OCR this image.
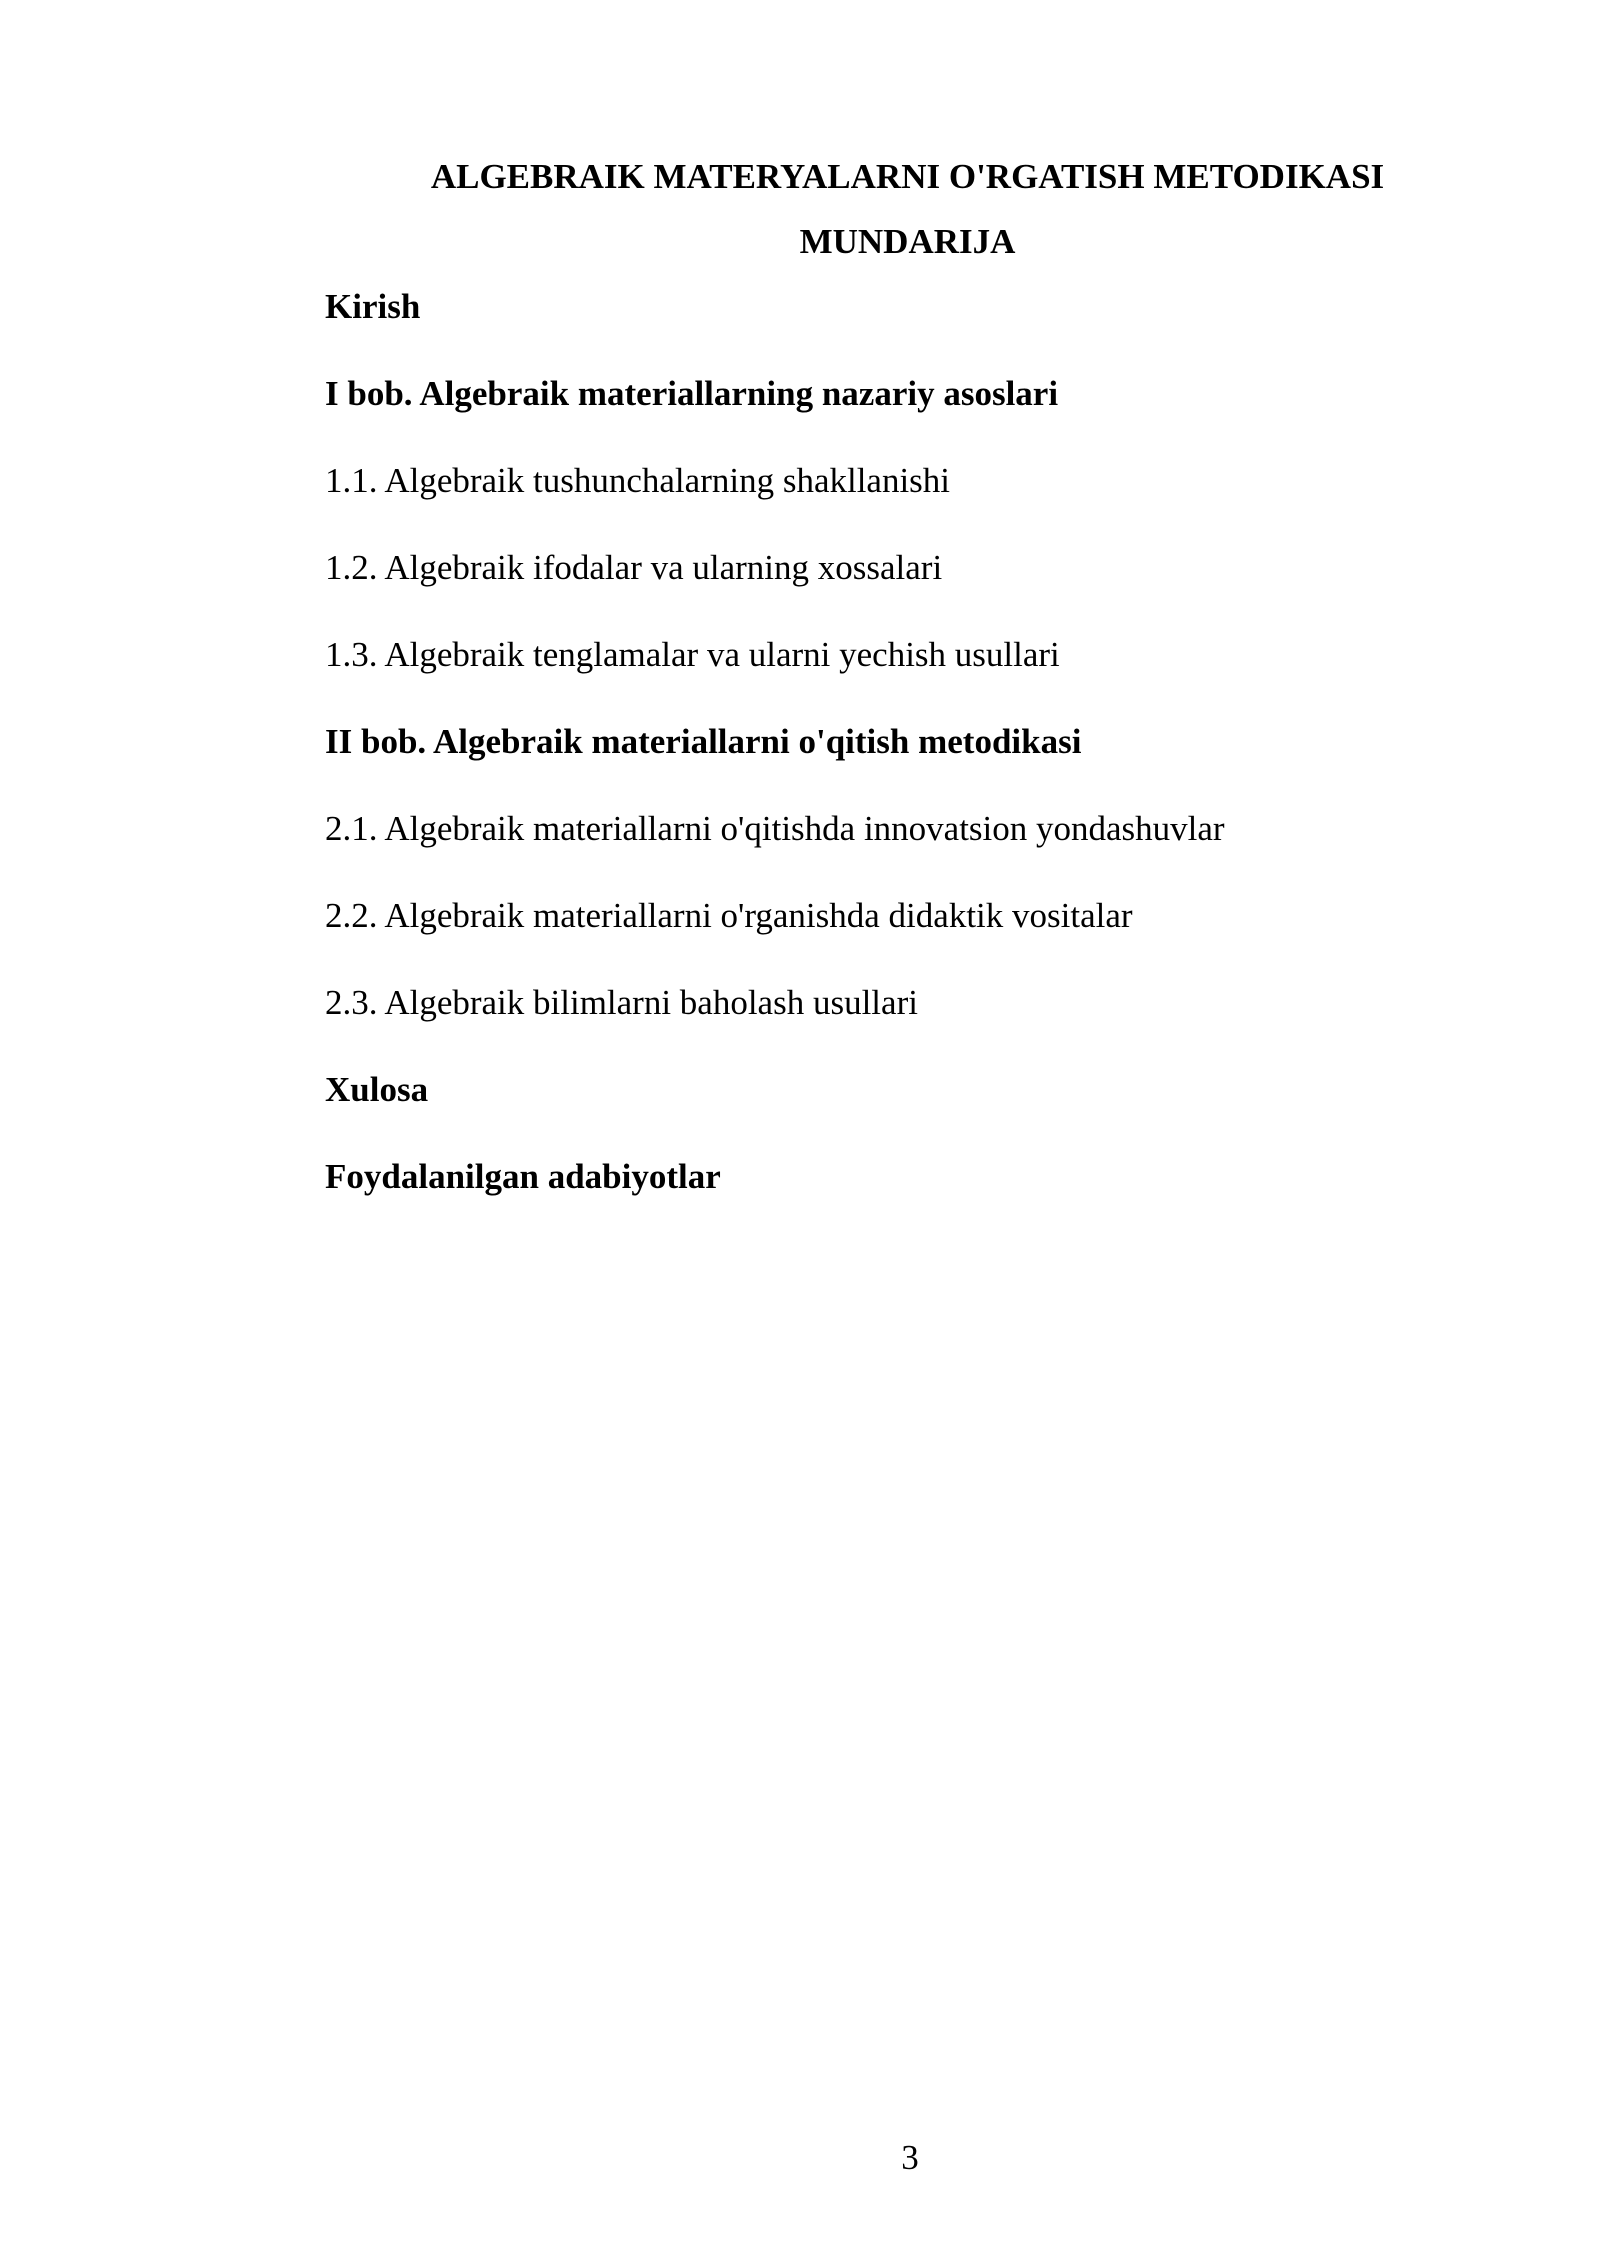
ALGEBRAIK MATERYALARNI O'RGATISH METODIKASI
MUNDARIJA
Kirish
I bob. Algebraik materiallarning nazariy asoslari
1.1. Algebraik tushunchalarning shakllanishi
1.2. Algebraik ifodalar va ularning xossalari
1.3. Algebraik tenglamalar va ularni yechish usullari
II bob. Algebraik materiallarni o'qitish metodikasi
2.1. Algebraik materiallarni o'qitishda innovatsion yondashuvlar
2.2. Algebraik materiallarni o'rganishda didaktik vositalar
2.3. Algebraik bilimlarni baholash usullari
Xulosa
Foydalanilgan adabiyotlar
3
